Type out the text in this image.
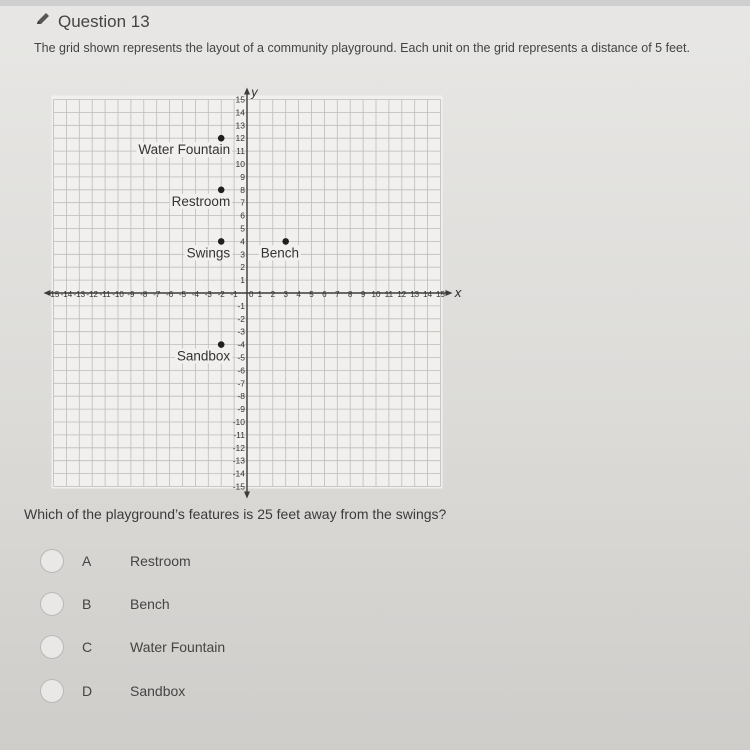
Question 13
The grid shown represents the layout of a community playground. Each unit on the grid represents a distance of 5 feet.
x
y
-15
-14
-13
-12
-11
-10
-9
-8
-7
-6
-5
-4
-3
-2
-1
1
2
3
4
5
6
7
8
9
10
11
12
13
14
15
-15 -14 -13 -12 -11 -10 -9 -8 -7 -6 -5 -4 -3 -2 -1	1 2 3 4 5 6 7 8 9 10 11 12 13 14 15
0
Water Fountain
Restroom
Swings Bench
Sandbox
Which of the playground’s features is 25 feet away from the swings?
A	Restroom
B	Bench
C	Water Fountain
D	Sandbox
